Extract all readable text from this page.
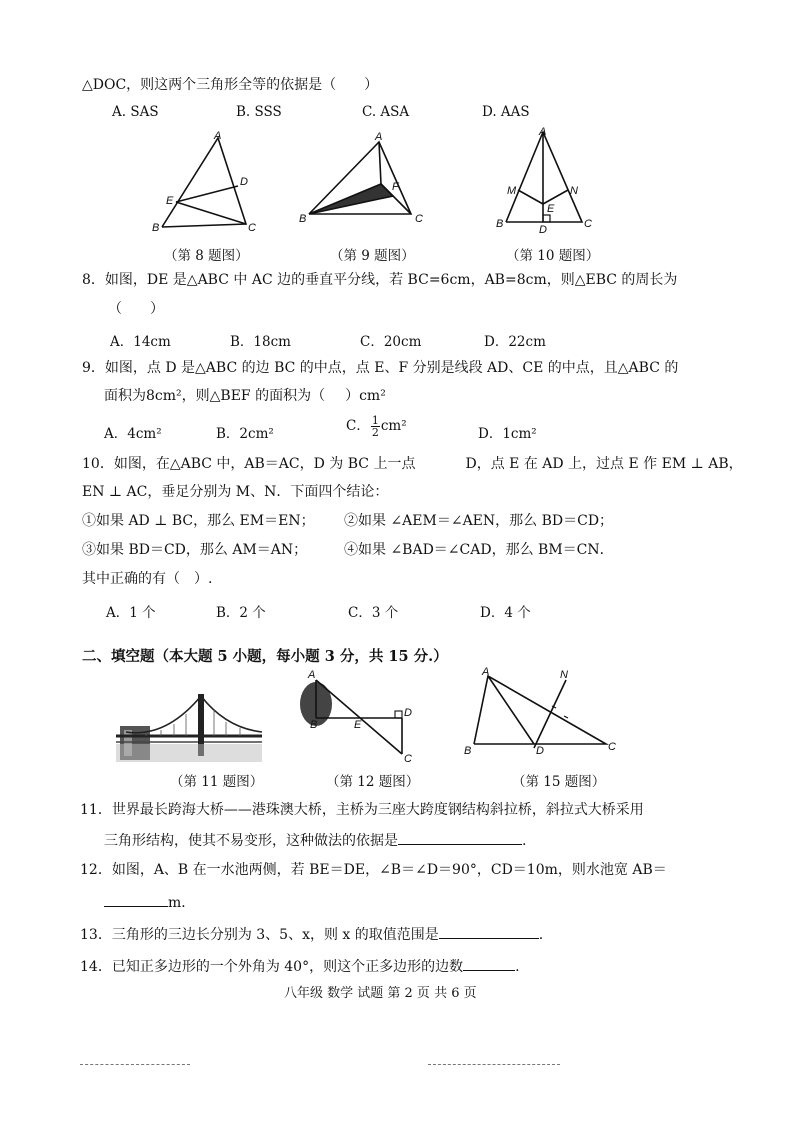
△DOC，则这两个三角形全等的依据是（　　）
A. SAS	B. SSS	C. ASA	D. AAS
A
D
E
B	C
A
F
B	C
A
M	N
E
B	D	C
（第 8 题图）	（第 9 题图）	（第 10 题图）
8．如图，DE 是△ABC 中 AC 边的垂直平分线，若 BC=6cm，AB=8cm，则△EBC 的周长为
（　　）
A．14cm	B．18cm	C．20cm	D．22cm
9．如图，点 D 是△ABC 的边 BC 的中点，点 E、F 分别是线段 AD、CE 的中点，且△ABC 的
面积为8cm²，则△BEF 的面积为（ ）cm²
A．4cm²	B．2cm²	C． $\frac{1}{2} cm^2$	D．1cm²
10．如图，在△ABC 中，AB＝AC，D 为 BC 上一点	D，点 E 在 AD 上，过点 E 作 EM ⊥ AB，
EN ⊥ AC，垂足分别为 M、N．下面四个结论：
①如果 AD ⊥ BC，那么 EM＝EN； ②如果 ∠AEM＝∠AEN，那么 BD＝CD；
③如果 BD＝CD，那么 AM＝AN；	④如果 ∠BAD＝∠CAD，那么 BM＝CN．
其中正确的有（　）.
A．1 个	B．2 个	C．3 个	D．4 个
二、填空题（本大题 5 小题，每小题 3 分，共 15 分.）
A
B	E
D
C
A	N
B	D	C
（第 11 题图）	（第 12 题图）	（第 15 题图）
11．世界最长跨海大桥——港珠澳大桥，主桥为三座大跨度钢结构斜拉桥，斜拉式大桥采用
三角形结构，使其不易变形，这种做法的依据是	.
12．如图，A、B 在一水池两侧，若 BE＝DE，∠B＝∠D＝90°，CD＝10m，则水池宽 AB＝
m．
13．三角形的三边长分别为 3、5、x，则 x 的取值范围是	.
14．已知正多边形的一个外角为 40°，则这个正多边形的边数	.
八年级 数学 试题 第 2 页 共 6 页
